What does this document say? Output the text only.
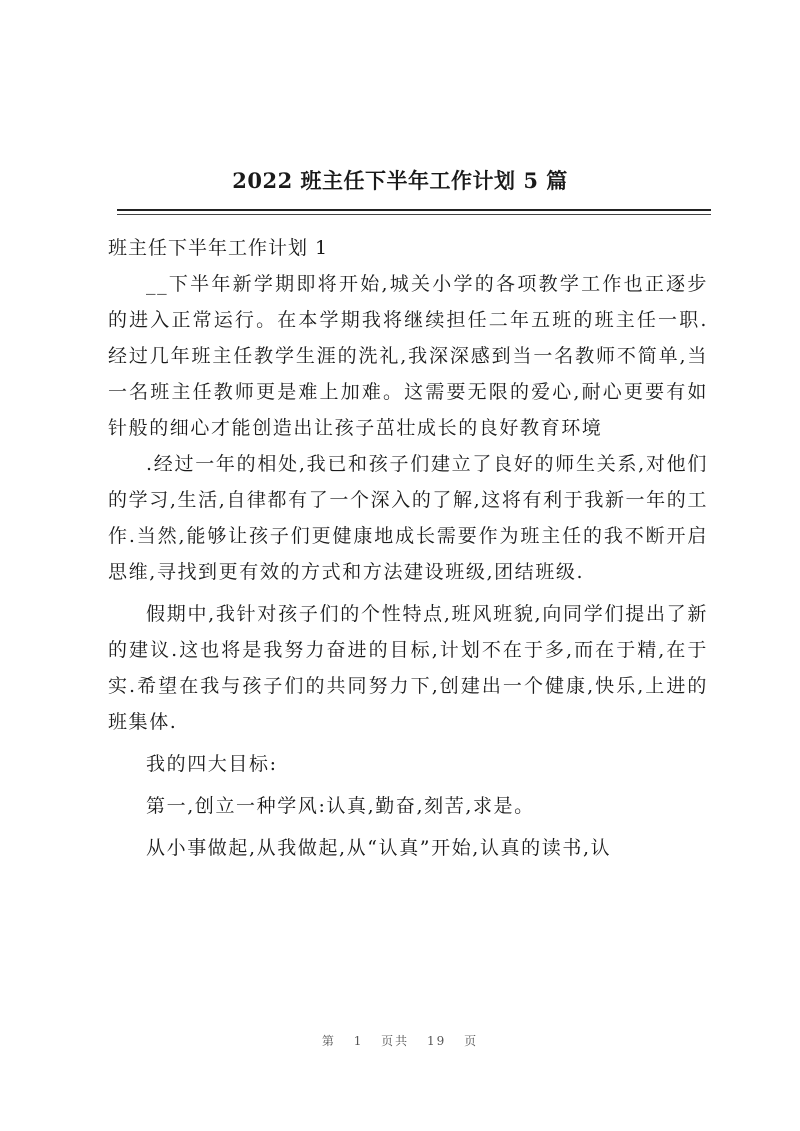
2022 班主任下半年工作计划 5 篇

班主任下半年工作计划 1

__下半年新学期即将开始,城关小学的各项教学工作也正逐步的进入正常运行。在本学期我将继续担任二年五班的班主任一职.经过几年班主任教学生涯的洗礼,我深深感到当一名教师不简单,当一名班主任教师更是难上加难。这需要无限的爱心,耐心更要有如针般的细心才能创造出让孩子茁壮成长的良好教育环境

.经过一年的相处,我已和孩子们建立了良好的师生关系,对他们的学习,生活,自律都有了一个深入的了解,这将有利于我新一年的工作.当然,能够让孩子们更健康地成长需要作为班主任的我不断开启思维,寻找到更有效的方式和方法建设班级,团结班级.

假期中,我针对孩子们的个性特点,班风班貌,向同学们提出了新的建议.这也将是我努力奋进的目标,计划不在于多,而在于精,在于实.希望在我与孩子们的共同努力下,创建出一个健康,快乐,上进的班集体.

我的四大目标:

第一,创立一种学风:认真,勤奋,刻苦,求是。

从小事做起,从我做起,从“认真”开始,认真的读书,认

第 1 页共 19 页
